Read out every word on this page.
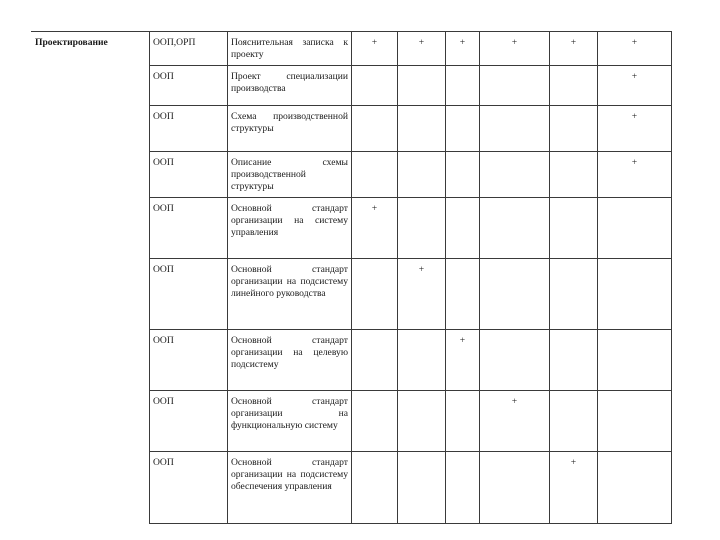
Проектирование	ООП,ОРП	Пояснительная записка к проекту	+	+	+	+	+	+
	ООП	Проект специализации производства						+
	ООП	Схема производственной структуры						+
	ООП	Описание схемы производственной структуры						+
	ООП	Основной стандарт организации на систему управления	+					
	ООП	Основной стандарт организации на подсистему линейного руководства		+				
	ООП	Основной стандарт организации на целевую подсистему			+			
	ООП	Основной стандарт организации на функциональную систему				+		
	ООП	Основной стандарт организации на подсистему обеспечения управления					+	
